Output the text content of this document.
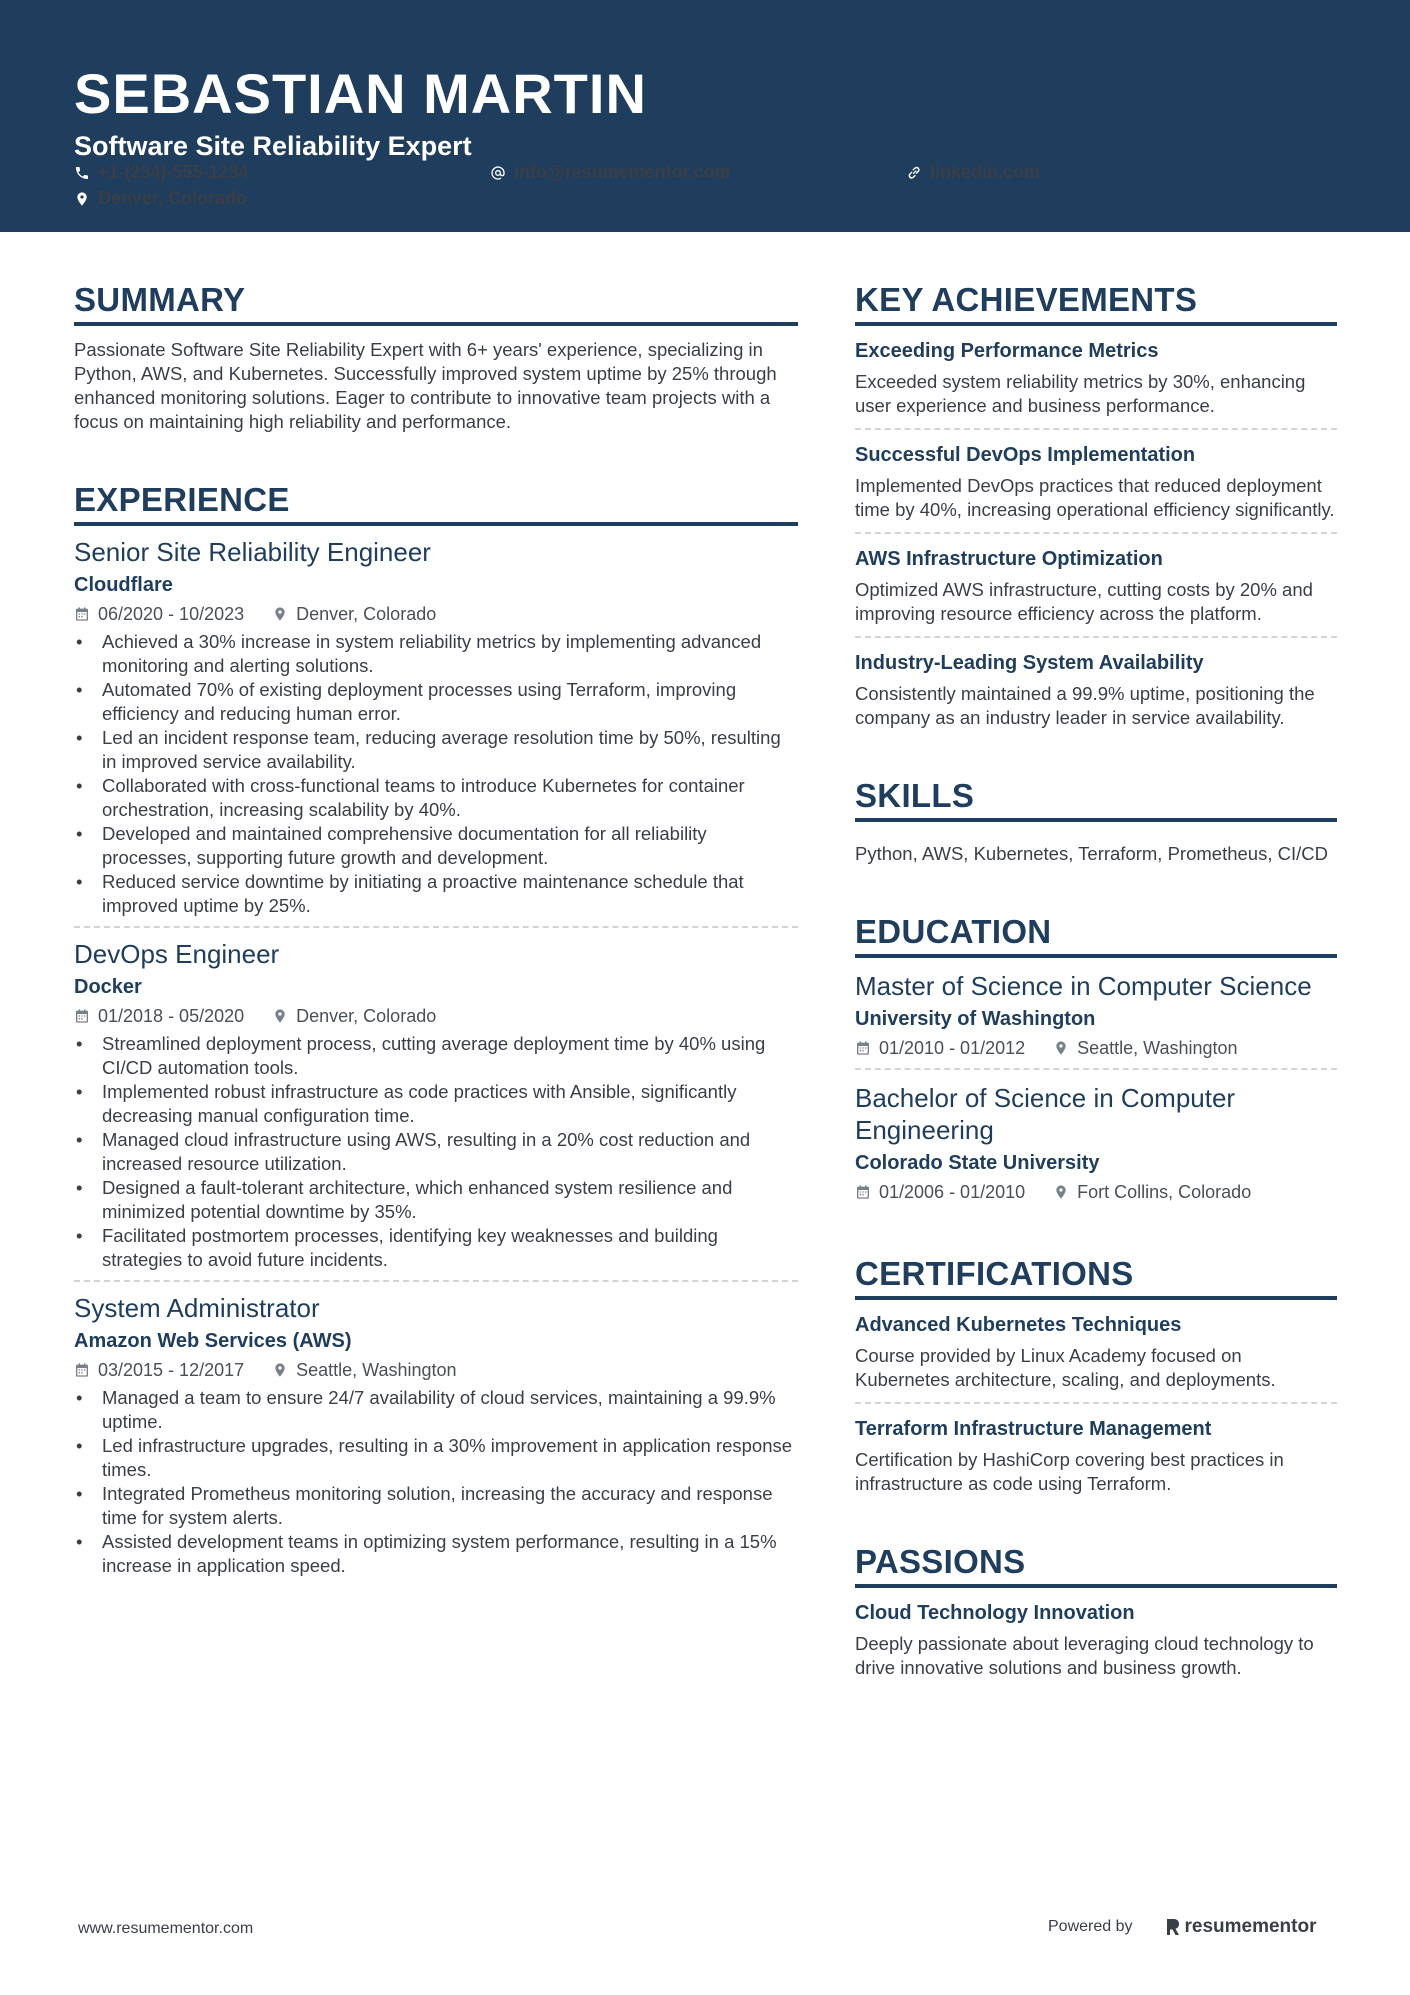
SEBASTIAN MARTIN
Software Site Reliability Expert
+1-(234)-555-1234	info@resumementor.com	linkedin.com
Denver, Colorado
SUMMARY
Passionate Software Site Reliability Expert with 6+ years' experience, specializing in Python, AWS, and Kubernetes. Successfully improved system uptime by 25% through enhanced monitoring solutions. Eager to contribute to innovative team projects with a focus on maintaining high reliability and performance.
EXPERIENCE
Senior Site Reliability Engineer
Cloudflare
06/2020 - 10/2023	Denver, Colorado
• Achieved a 30% increase in system reliability metrics by implementing advanced monitoring and alerting solutions.
• Automated 70% of existing deployment processes using Terraform, improving efficiency and reducing human error.
• Led an incident response team, reducing average resolution time by 50%, resulting in improved service availability.
• Collaborated with cross-functional teams to introduce Kubernetes for container orchestration, increasing scalability by 40%.
• Developed and maintained comprehensive documentation for all reliability processes, supporting future growth and development.
• Reduced service downtime by initiating a proactive maintenance schedule that improved uptime by 25%.
DevOps Engineer
Docker
01/2018 - 05/2020	Denver, Colorado
• Streamlined deployment process, cutting average deployment time by 40% using CI/CD automation tools.
• Implemented robust infrastructure as code practices with Ansible, significantly decreasing manual configuration time.
• Managed cloud infrastructure using AWS, resulting in a 20% cost reduction and increased resource utilization.
• Designed a fault-tolerant architecture, which enhanced system resilience and minimized potential downtime by 35%.
• Facilitated postmortem processes, identifying key weaknesses and building strategies to avoid future incidents.
System Administrator
Amazon Web Services (AWS)
03/2015 - 12/2017	Seattle, Washington
• Managed a team to ensure 24/7 availability of cloud services, maintaining a 99.9% uptime.
• Led infrastructure upgrades, resulting in a 30% improvement in application response times.
• Integrated Prometheus monitoring solution, increasing the accuracy and response time for system alerts.
• Assisted development teams in optimizing system performance, resulting in a 15% increase in application speed.
KEY ACHIEVEMENTS
Exceeding Performance Metrics
Exceeded system reliability metrics by 30%, enhancing user experience and business performance.
Successful DevOps Implementation
Implemented DevOps practices that reduced deployment time by 40%, increasing operational efficiency significantly.
AWS Infrastructure Optimization
Optimized AWS infrastructure, cutting costs by 20% and improving resource efficiency across the platform.
Industry-Leading System Availability
Consistently maintained a 99.9% uptime, positioning the company as an industry leader in service availability.
SKILLS
Python, AWS, Kubernetes, Terraform, Prometheus, CI/CD
EDUCATION
Master of Science in Computer Science
University of Washington
01/2010 - 01/2012	Seattle, Washington
Bachelor of Science in Computer Engineering
Colorado State University
01/2006 - 01/2010	Fort Collins, Colorado
CERTIFICATIONS
Advanced Kubernetes Techniques
Course provided by Linux Academy focused on Kubernetes architecture, scaling, and deployments.
Terraform Infrastructure Management
Certification by HashiCorp covering best practices in infrastructure as code using Terraform.
PASSIONS
Cloud Technology Innovation
Deeply passionate about leveraging cloud technology to drive innovative solutions and business growth.
www.resumementor.com	Powered by	resumementor
